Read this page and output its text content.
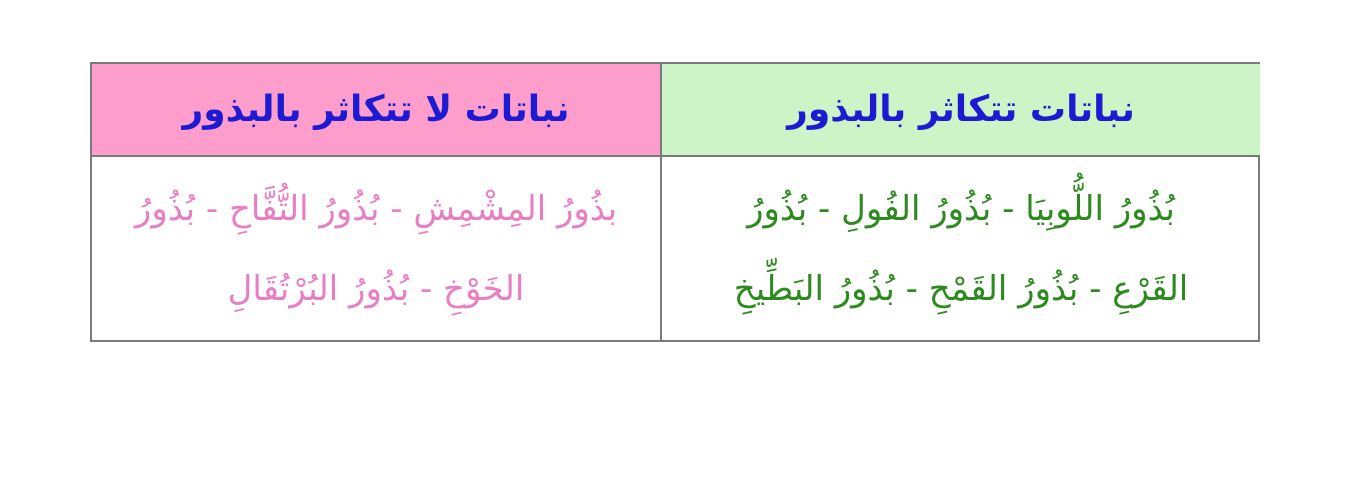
نباتات لا تتكاثر بالبذور	نباتات تتكاثر بالبذور
بذُورُ المِشْمِشِ - بُذُورُ التُّفَّاحِ - بُذُورُ
الخَوْخِ - بُذُورُ البُرْتُقَالِ
بُذُورُ اللُّوبِيَا - بُذُورُ الفُولِ - بُذُورُ
القَرْعِ - بُذُورُ القَمْحِ - بُذُورُ البَطِّيخِ
